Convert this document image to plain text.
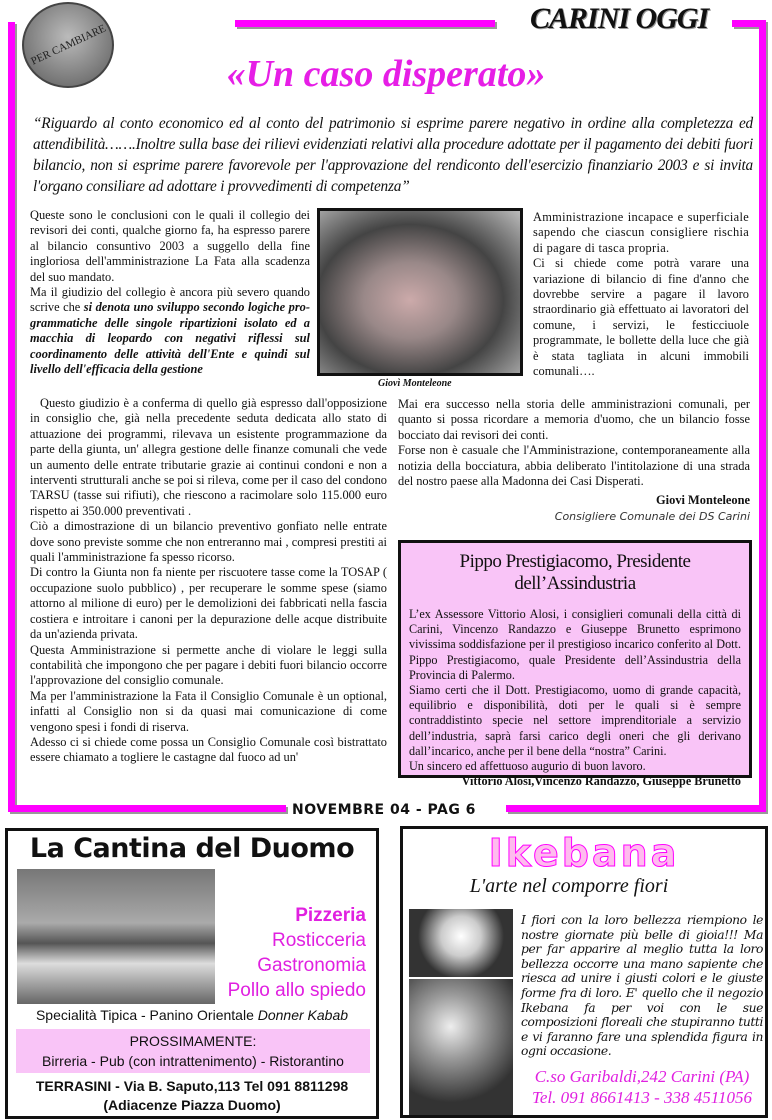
PER CAMBIARE
CARINI OGGI
«Un caso disperato»
“Riguardo al conto economico ed al conto del patrimonio si esprime parere negativo in ordine alla completezza ed attendibilità…….Inoltre sulla base dei rilievi evidenziati relativi alla procedure adottate per il pagamento dei debiti fuori bilancio, non si esprime parere favorevole per l'approvazione del rendiconto dell'esercizio finanziario 2003 e si invita l'organo consiliare ad adottare i provvedimenti di competenza”

Queste sono le conclusioni con le quali il collegio dei revisori dei conti, qualche giorno fa, ha espresso parere al bilancio consuntivo 2003 a suggello della fine ingloriosa dell'amministrazione La Fata alla scadenza del suo mandato.

Ma il giudizio del collegio è ancora più severo quando scrive che si denota uno sviluppo secondo logiche pro-grammatiche delle singole ripartizioni isolato ed a macchia di leopardo con negativi riflessi sul coordinamento delle attività dell'Ente e quindi sul livello dell'efficacia della gestione

Giovì Monteleone

Amministrazione incapace e superficiale sapendo che ciascun consigliere rischia di pagare di tasca propria.

Ci si chiede come potrà varare una variazione di bilancio di fine d'anno che dovrebbe servire a pagare il lavoro straordinario già effettuato ai lavoratori del comune, i servizi, le festicciuole programmate, le bollette della luce che già è stata tagliata in alcuni immobili comunali….

Questo giudizio è a conferma di quello già espresso dall'opposizione in consiglio che, già nella precedente seduta dedicata allo stato di attuazione dei programmi, rilevava un esistente programmazione da parte della giunta, un' allegra gestione delle finanze comunali che vede un aumento delle entrate tributarie grazie ai continui condoni e non a interventi strutturali anche se poi si rileva, come per il caso del condono TARSU (tasse sui rifiuti), che riescono a racimolare solo 115.000 euro rispetto ai 350.000 preventivati .

Ciò a dimostrazione di un bilancio preventivo gonfiato nelle entrate dove sono previste somme che non entreranno mai , compresi prestiti ai quali l'amministrazione fa spesso ricorso.

Di contro la Giunta non fa niente per riscuotere tasse come la TOSAP ( occupazione suolo pubblico) , per recuperare le somme spese (siamo attorno al milione di euro) per le demolizioni dei fabbricati nella fascia costiera e introitare i canoni per la depurazione delle acque distribuite da un'azienda privata.

Questa Amministrazione si permette anche di violare le leggi sulla contabilità che impongono che per pagare i debiti fuori bilancio occorre l'approvazione del consiglio comunale.

Ma per l'amministrazione la Fata il Consiglio Comunale è un optional, infatti al Consiglio non si da quasi mai comunicazione di come vengono spesi i fondi di riserva.

Adesso ci si chiede come possa un Consiglio Comunale così bistrattato essere chiamato a togliere le castagne dal fuoco ad un'

Mai era successo nella storia delle amministrazioni comunali, per quanto si possa ricordare a memoria d'uomo, che un bilancio fosse bocciato dai revisori dei conti.

Forse non è casuale che l'Amministrazione, contemporaneamente alla notizia della bocciatura, abbia deliberato l'intitolazione di una strada del nostro paese alla Madonna dei Casi Disperati.

Giovi Monteleone

Consigliere Comunale dei DS Carini

Pippo Prestigiacomo, Presidente dell’Assindustria

L’ex Assessore Vittorio Alosi, i consiglieri comunali della città di Carini, Vincenzo Randazzo e Giuseppe Brunetto esprimono vivissima soddisfazione per il prestigioso incarico conferito al Dott. Pippo Prestigiacomo, quale Presidente dell’Assindustria della Provincia di Palermo.

Siamo certi che il Dott. Prestigiacomo, uomo di grande capacità, equilibrio e disponibilità, doti per le quali si è sempre contraddistinto specie nel settore imprenditoriale a servizio dell’industria, saprà farsi carico degli oneri che gli derivano dall’incarico, anche per il bene della “nostra” Carini.

Un sincero ed affettuoso augurio di buon lavoro.

Vittorio Alosi,Vincenzo Randazzo, Giuseppe Brunetto

NOVEMBRE 04 - PAG 6
La Cantina del Duomo
Pizzeria
Rosticceria
Gastronomia
Pollo allo spiedo
Specialità Tipica - Panino Orientale Donner Kabab
PROSSIMAMENTE:
Birreria - Pub (con intrattenimento) - Ristorantino
TERRASINI - Via B. Saputo,113 Tel 091 8811298
(Adiacenze Piazza Duomo)
Ikebana
L'arte nel comporre fiori
I fiori con la loro bellezza riempiono le nostre giornate più belle di gioia!!! Ma per far apparire al meglio tutta la loro bellezza occorre una mano sapiente che riesca ad unire i giusti colori e le giuste forme fra di loro. E' quello che il negozio Ikebana fa per voi con le sue composizioni floreali che stupiranno tutti e vi faranno fare una splendida figura in ogni occasione.
C.so Garibaldi,242 Carini (PA)
Tel. 091 8661413 - 338 4511056
